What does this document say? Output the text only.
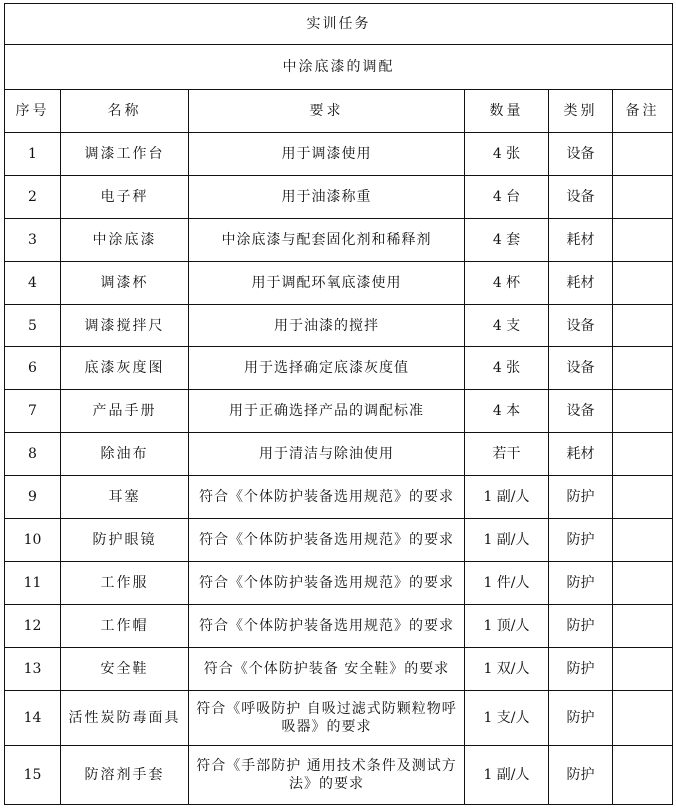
实训任务					
中涂底漆的调配					
序号	名称	要求	数量	类别	备注
1	调漆工作台	用于调漆使用	4 张	设备	
2	电子秤	用于油漆称重	4 台	设备	
3	中涂底漆	中涂底漆与配套固化剂和稀释剂	4 套	耗材	
4	调漆杯	用于调配环氧底漆使用	4 杯	耗材	
5	调漆搅拌尺	用于油漆的搅拌	4 支	设备	
6	底漆灰度图	用于选择确定底漆灰度值	4 张	设备	
7	产品手册	用于正确选择产品的调配标准	4 本	设备	
8	除油布	用于清洁与除油使用	若干	耗材	
9	耳塞	符合《个体防护装备选用规范》的要求	1 副/人	防护	
10	防护眼镜	符合《个体防护装备选用规范》的要求	1 副/人	防护	
11	工作服	符合《个体防护装备选用规范》的要求	1 件/人	防护	
12	工作帽	符合《个体防护装备选用规范》的要求	1 顶/人	防护	
13	安全鞋	符合《个体防护装备 安全鞋》的要求	1 双/人	防护	
14	活性炭防毒面具	符合《呼吸防护 自吸过滤式防颗粒物呼吸器》的要求	1 支/人	防护	
15	防溶剂手套	符合《手部防护 通用技术条件及测试方法》的要求	1 副/人	防护	
